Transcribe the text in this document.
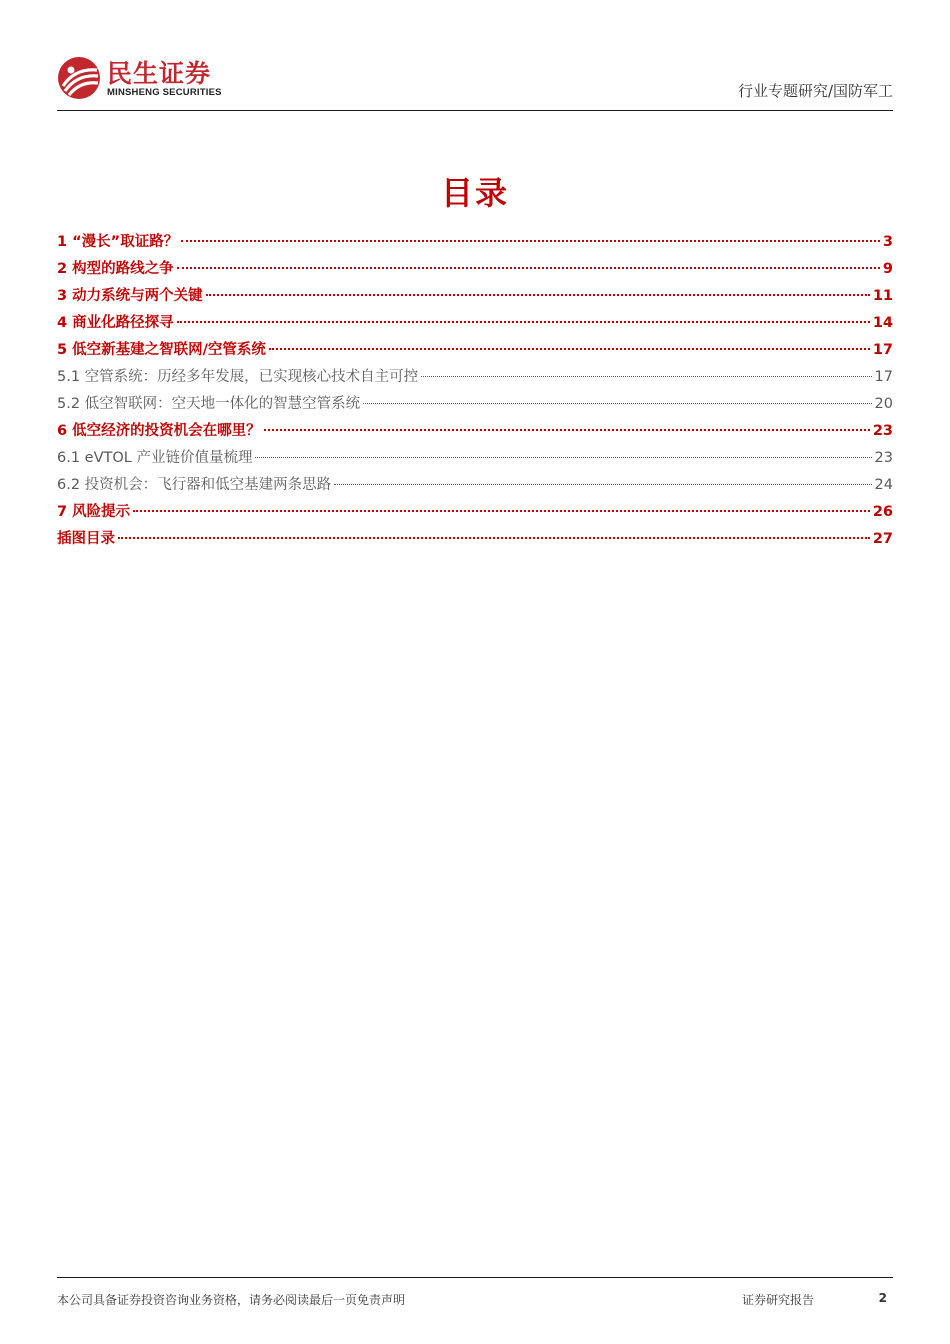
民生证券
MINSHENG SECURITIES	行业专题研究/国防军工
目录
1 “漫长”取证路？	3
2 构型的路线之争	9
3 动力系统与两个关键	11
4 商业化路径探寻	14
5 低空新基建之智联网/空管系统	17
5.1 空管系统：历经多年发展，已实现核心技术自主可控	17
5.2 低空智联网：空天地一体化的智慧空管系统	20
6 低空经济的投资机会在哪里？	23
6.1 eVTOL 产业链价值量梳理	23
6.2 投资机会：飞行器和低空基建两条思路	24
7 风险提示	26
插图目录	27
本公司具备证券投资咨询业务资格，请务必阅读最后一页免责声明	证券研究报告	2
